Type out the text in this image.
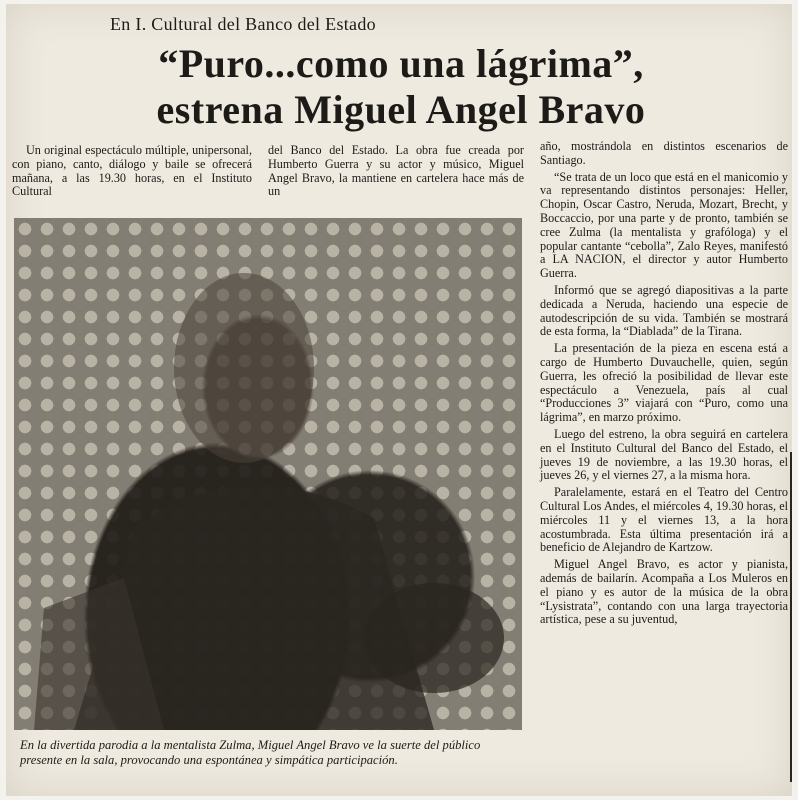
En I. Cultural del Banco del Estado
“Puro...como una lágrima”,
estrena Miguel Angel Bravo

Un original espectáculo múltiple, unipersonal, con piano, canto, diálogo y baile se ofrecerá mañana, a las 19.30 horas, en el Instituto Cultural

del Banco del Estado. La obra fue creada por Humberto Guerra y su actor y músico, Miguel Angel Bravo, la mantiene en cartelera hace más de un

En la divertida parodia a la mentalista Zulma, Miguel Angel Bravo ve la suerte del público presente en la sala, provocando una espontánea y simpática participación.

año, mostrándola en distintos escenarios de Santiago.

“Se trata de un loco que está en el manicomio y va representando distintos personajes: Heller, Chopin, Oscar Castro, Neruda, Mozart, Brecht, y Boccaccio, por una parte y de pronto, también se cree Zulma (la mentalista y grafóloga) y el popular cantante “cebolla”, Zalo Reyes, manifestó a LA NACION, el director y autor Humberto Guerra.

Informó que se agregó diapositivas a la parte dedicada a Neruda, haciendo una especie de autodescripción de su vida. También se mostrará de esta forma, la “Diablada” de la Tirana.

La presentación de la pieza en escena está a cargo de Humberto Duvauchelle, quien, según Guerra, les ofreció la posibilidad de llevar este espectáculo a Venezuela, país al cual “Producciones 3” viajará con “Puro, como una lágrima”, en marzo próximo.

Luego del estreno, la obra seguirá en cartelera en el Instituto Cultural del Banco del Estado, el jueves 19 de noviembre, a las 19.30 horas, el jueves 26, y el viernes 27, a la misma hora.

Paralelamente, estará en el Teatro del Centro Cultural Los Andes, el miércoles 4, 19.30 horas, el miércoles 11 y el viernes 13, a la hora acostumbrada. Esta última presentación irá a beneficio de Alejandro de Kartzow.

Miguel Angel Bravo, es actor y pianista, además de bailarín. Acompaña a Los Muleros en el piano y es autor de la música de la obra “Lysistrata”, contando con una larga trayectoria artística, pese a su juventud,
